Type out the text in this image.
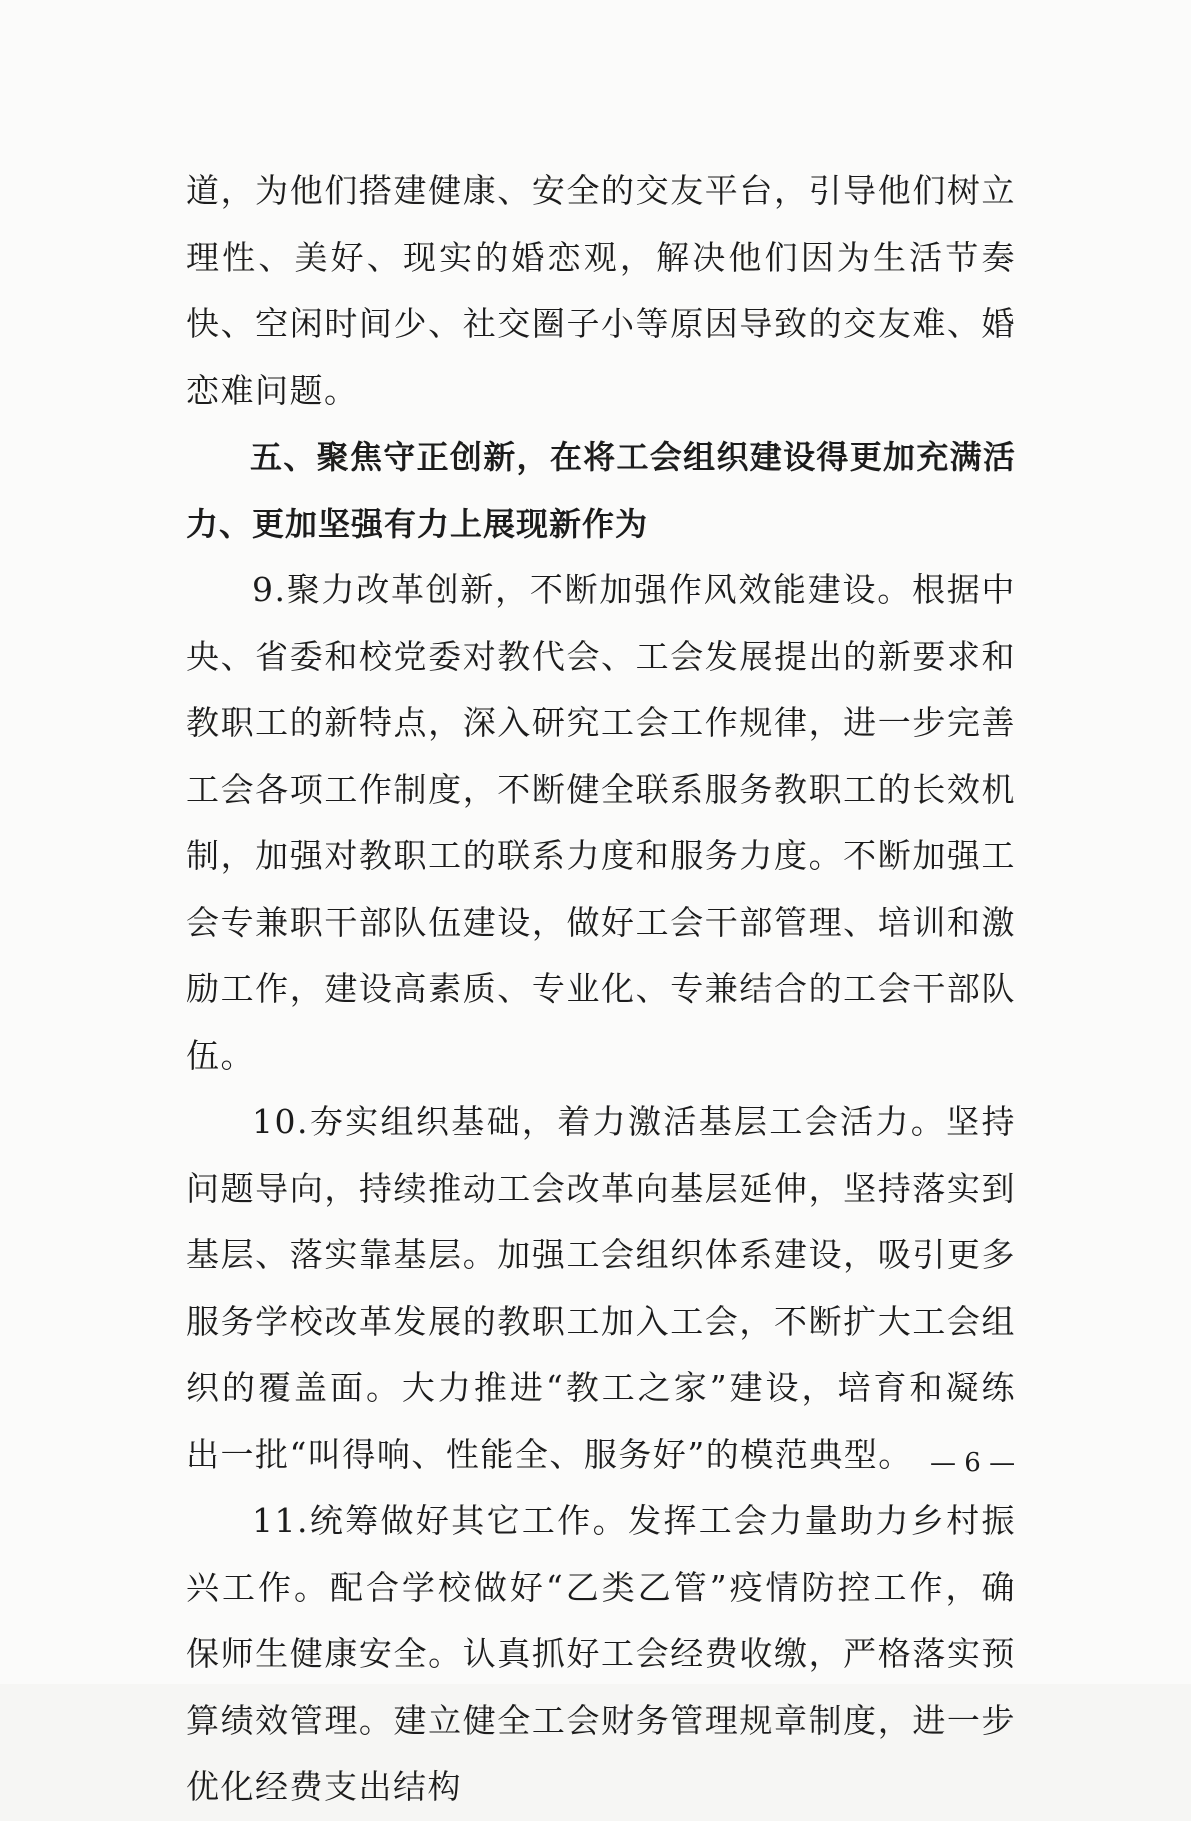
道，为他们搭建健康、安全的交友平台，引导他们树立理性、美好、现实的婚恋观，解决他们因为生活节奏快、空闲时间少、社交圈子小等原因导致的交友难、婚恋难问题。

五、聚焦守正创新，在将工会组织建设得更加充满活力、更加坚强有力上展现新作为

9.聚力改革创新，不断加强作风效能建设。根据中央、省委和校党委对教代会、工会发展提出的新要求和教职工的新特点，深入研究工会工作规律，进一步完善工会各项工作制度，不断健全联系服务教职工的长效机制，加强对教职工的联系力度和服务力度。不断加强工会专兼职干部队伍建设，做好工会干部管理、培训和激励工作，建设高素质、专业化、专兼结合的工会干部队伍。

10.夯实组织基础，着力激活基层工会活力。坚持问题导向，持续推动工会改革向基层延伸，坚持落实到基层、落实靠基层。加强工会组织体系建设，吸引更多服务学校改革发展的教职工加入工会，不断扩大工会组织的覆盖面。大力推进“教工之家”建设，培育和凝练出一批“叫得响、性能全、服务好”的模范典型。

11.统筹做好其它工作。发挥工会力量助力乡村振兴工作。配合学校做好“乙类乙管”疫情防控工作，确保师生健康安全。认真抓好工会经费收缴，严格落实预算绩效管理。建立健全工会财务管理规章制度，进一步优化经费支出结构

— 6 —
